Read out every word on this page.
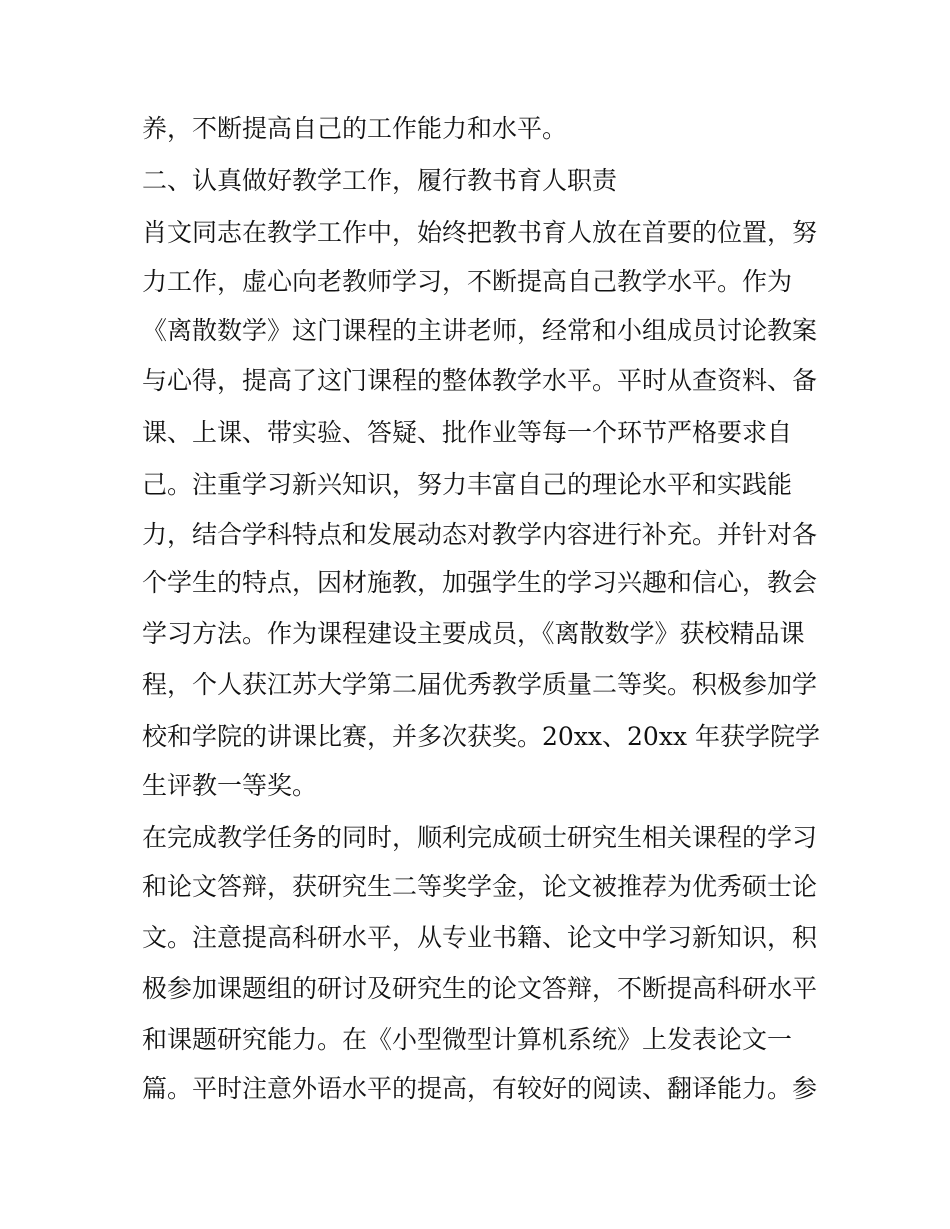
养，不断提高自己的工作能力和水平。
二、认真做好教学工作，履行教书育人职责
肖文同志在教学工作中，始终把教书育人放在首要的位置，努
力工作，虚心向老教师学习，不断提高自己教学水平。作为
《离散数学》这门课程的主讲老师，经常和小组成员讨论教案
与心得，提高了这门课程的整体教学水平。平时从查资料、备
课、上课、带实验、答疑、批作业等每一个环节严格要求自
己。注重学习新兴知识，努力丰富自己的理论水平和实践能
力，结合学科特点和发展动态对教学内容进行补充。并针对各
个学生的特点，因材施教，加强学生的学习兴趣和信心，教会
学习方法。作为课程建设主要成员，《离散数学》获校精品课
程，个人获江苏大学第二届优秀教学质量二等奖。积极参加学
校和学院的讲课比赛，并多次获奖。20xx、20xx 年获学院学
生评教一等奖。
在完成教学任务的同时，顺利完成硕士研究生相关课程的学习
和论文答辩，获研究生二等奖学金，论文被推荐为优秀硕士论
文。注意提高科研水平，从专业书籍、论文中学习新知识，积
极参加课题组的研讨及研究生的论文答辩，不断提高科研水平
和课题研究能力。在《小型微型计算机系统》上发表论文一
篇。平时注意外语水平的提高，有较好的阅读、翻译能力。参
